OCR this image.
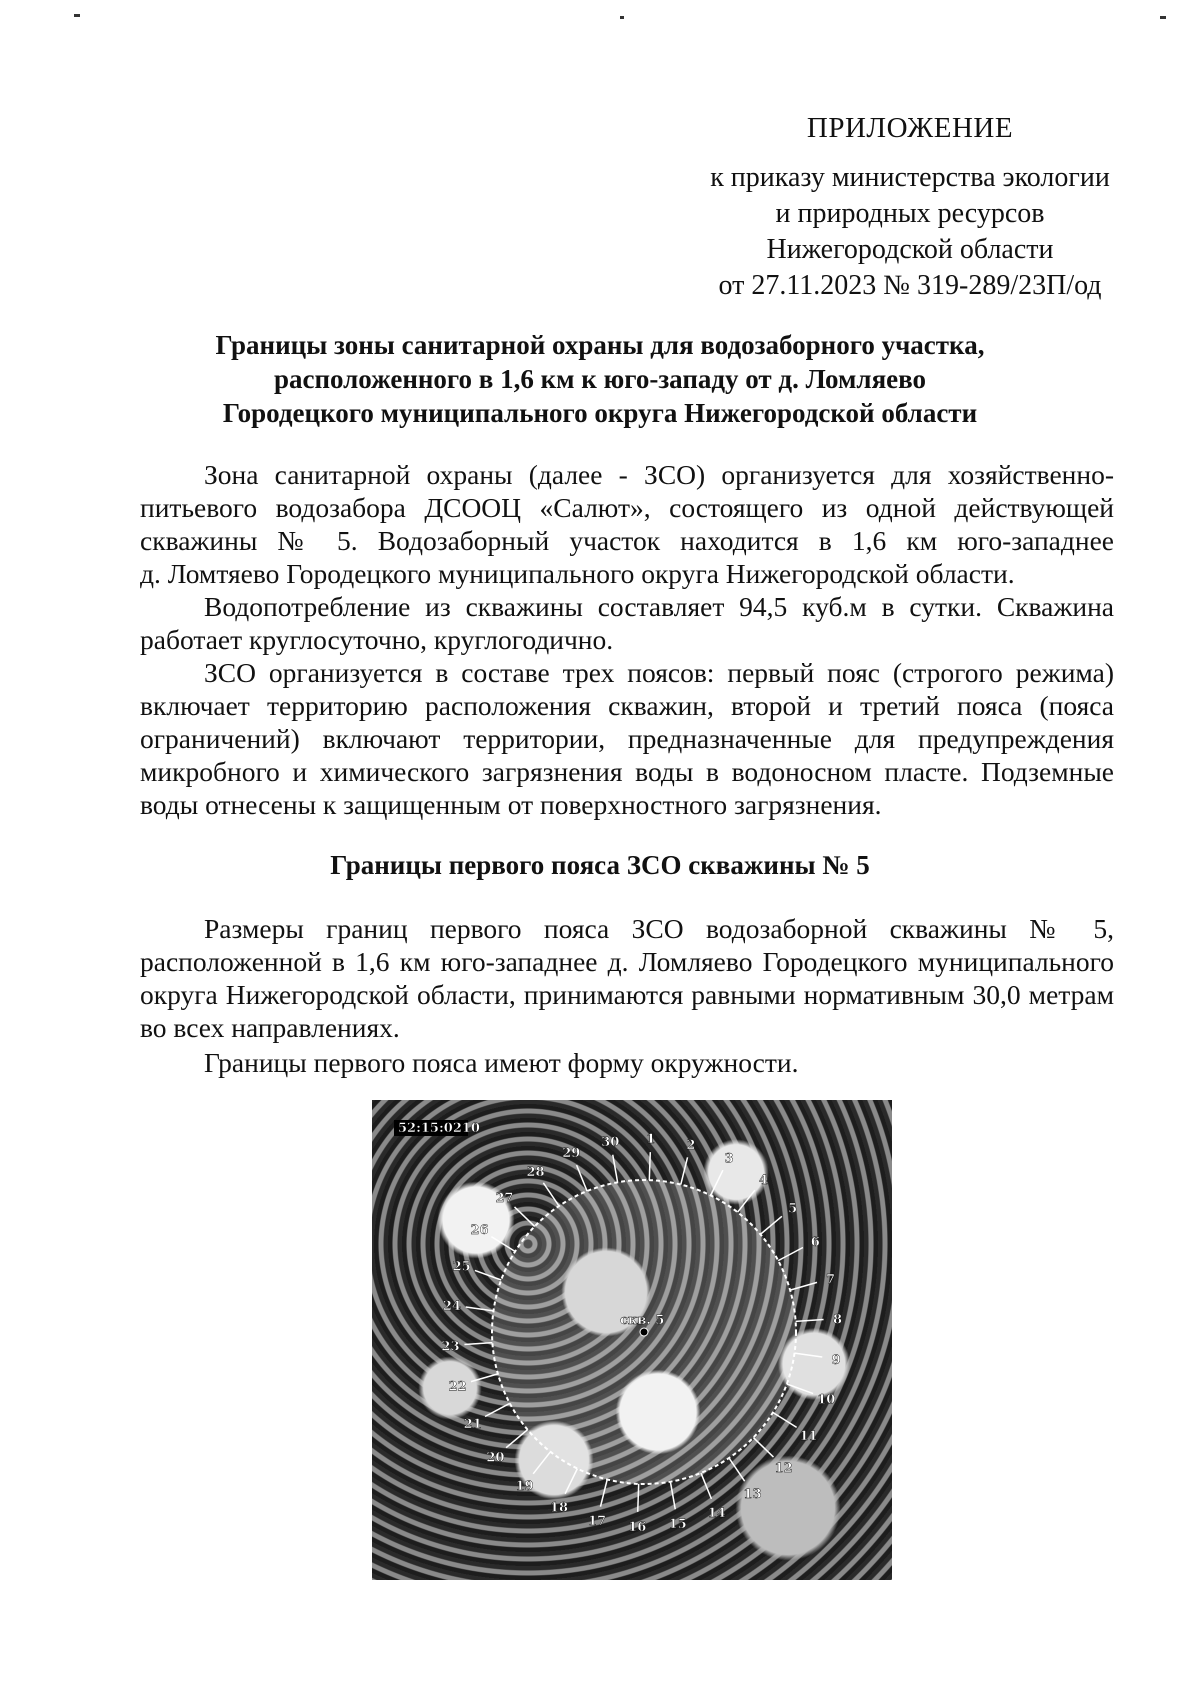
ПРИЛОЖЕНИЕ
к приказу министерства экологии
и природных ресурсов
Нижегородской области
от 27.11.2023 № 319-289/23П/од
Границы зоны санитарной охраны для водозаборного участка,
расположенного в 1,6 км к юго-западу от д. Ломляево
Городецкого муниципального округа Нижегородской области
Зона санитарной охраны (далее - ЗСО) организуется для хозяйственно-
питьевого водозабора ДСООЦ «Салют», состоящего из одной действующей
скважины № 5. Водозаборный участок находится в 1,6 км юго-западнее
д. Ломтяево Городецкого муниципального округа Нижегородской области.
Водопотребление из скважины составляет 94,5 куб.м в сутки. Скважина
работает круглосуточно, круглогодично.
ЗСО организуется в составе трех поясов: первый пояс (строгого режима)
включает территорию расположения скважин, второй и третий пояса (пояса
ограничений) включают территории, предназначенные для предупреждения
микробного и химического загрязнения воды в водоносном пласте. Подземные
воды отнесены к защищенным от поверхностного загрязнения.
Границы первого пояса ЗСО скважины № 5
Размеры границ первого пояса ЗСО водозаборной скважины № 5,
расположенной в 1,6 км юго-западнее д. Ломляево Городецкого муниципального
округа Нижегородской области, принимаются равными нормативным 30,0 метрам
во всех направлениях.
Границы первого пояса имеют форму окружности.
52:15:0210
скв. 5
1 2
3
4
5
6
7
8
9
10
11
12
13
14
15
16
17
18
19
20
21
22
23
24
25
26
27
28
29
30
